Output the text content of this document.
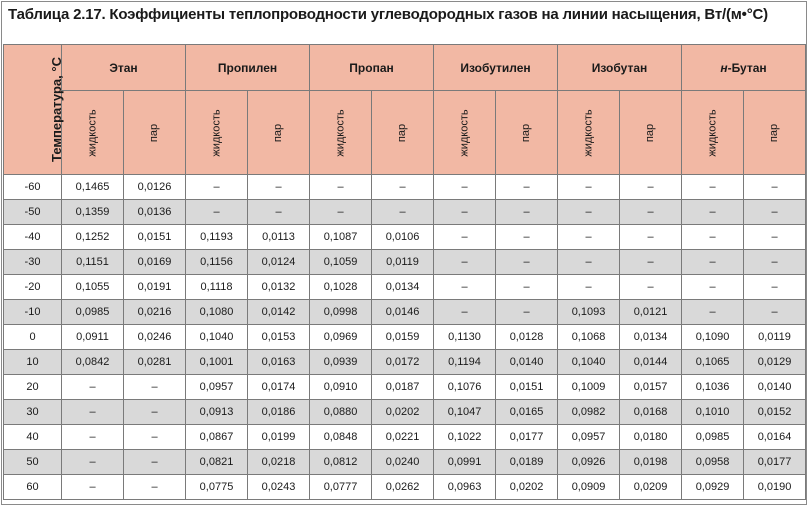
Таблица 2.17. Коэффициенты теплопроводности углеводородных газов на линии насыщения, Вт/(м•°С)
Температура, °С	Этан		Пропилен		Пропан		Изобутилен		Изобутан		н-Бутан	
	жидкость	пар	жидкость	пар	жидкость	пар	жидкость	пар	жидкость	пар	жидкость	пар
-60	0,1465	0,0126	–	–	–	–	–	–	–	–	–	–
-50	0,1359	0,0136	–	–	–	–	–	–	–	–	–	–
-40	0,1252	0,0151	0,1193	0,0113	0,1087	0,0106	–	–	–	–	–	–
-30	0,1151	0,0169	0,1156	0,0124	0,1059	0,0119	–	–	–	–	–	–
-20	0,1055	0,0191	0,1118	0,0132	0,1028	0,0134	–	–	–	–	–	–
-10	0,0985	0,0216	0,1080	0,0142	0,0998	0,0146	–	–	0,1093	0,0121	–	–
0	0,0911	0,0246	0,1040	0,0153	0,0969	0,0159	0,1130	0,0128	0,1068	0,0134	0,1090	0,0119
10	0,0842	0,0281	0,1001	0,0163	0,0939	0,0172	0,1194	0,0140	0,1040	0,0144	0,1065	0,0129
20	–	–	0,0957	0,0174	0,0910	0,0187	0,1076	0,0151	0,1009	0,0157	0,1036	0,0140
30	–	–	0,0913	0,0186	0,0880	0,0202	0,1047	0,0165	0,0982	0,0168	0,1010	0,0152
40	–	–	0,0867	0,0199	0,0848	0,0221	0,1022	0,0177	0,0957	0,0180	0,0985	0,0164
50	–	–	0,0821	0,0218	0,0812	0,0240	0,0991	0,0189	0,0926	0,0198	0,0958	0,0177
60	–	–	0,0775	0,0243	0,0777	0,0262	0,0963	0,0202	0,0909	0,0209	0,0929	0,0190
